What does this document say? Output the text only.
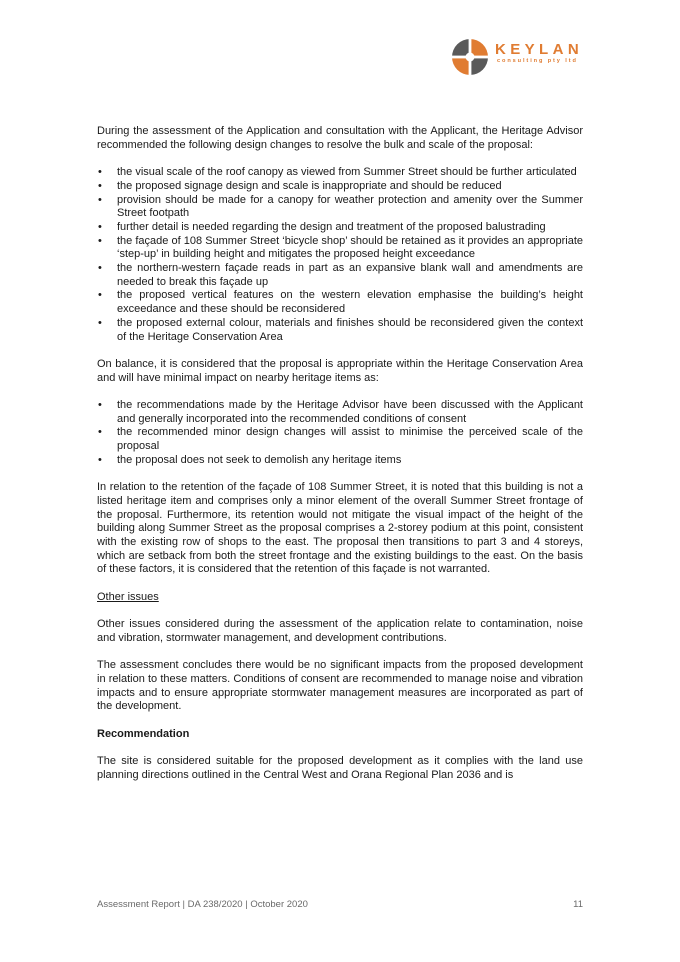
KEYLAN
consulting pty ltd

During the assessment of the Application and consultation with the Applicant, the Heritage Advisor recommended the following design changes to resolve the bulk and scale of the proposal:

• the visual scale of the roof canopy as viewed from Summer Street should be further articulated
• the proposed signage design and scale is inappropriate and should be reduced
• provision should be made for a canopy for weather protection and amenity over the Summer Street footpath
• further detail is needed regarding the design and treatment of the proposed balustrading
• the façade of 108 Summer Street ‘bicycle shop’ should be retained as it provides an appropriate ‘step-up’ in building height and mitigates the proposed height exceedance
• the northern-western façade reads in part as an expansive blank wall and amendments are needed to break this façade up
• the proposed vertical features on the western elevation emphasise the building’s height exceedance and these should be reconsidered
• the proposed external colour, materials and finishes should be reconsidered given the context of the Heritage Conservation Area

On balance, it is considered that the proposal is appropriate within the Heritage Conservation Area and will have minimal impact on nearby heritage items as:

• the recommendations made by the Heritage Advisor have been discussed with the Applicant and generally incorporated into the recommended conditions of consent
• the recommended minor design changes will assist to minimise the perceived scale of the proposal
• the proposal does not seek to demolish any heritage items

In relation to the retention of the façade of 108 Summer Street, it is noted that this building is not a listed heritage item and comprises only a minor element of the overall Summer Street frontage of the proposal. Furthermore, its retention would not mitigate the visual impact of the height of the building along Summer Street as the proposal comprises a 2-storey podium at this point, consistent with the existing row of shops to the east. The proposal then transitions to part 3 and 4 storeys, which are setback from both the street frontage and the existing buildings to the east. On the basis of these factors, it is considered that the retention of this façade is not warranted.

Other issues

Other issues considered during the assessment of the application relate to contamination, noise and vibration, stormwater management, and development contributions.

The assessment concludes there would be no significant impacts from the proposed development in relation to these matters. Conditions of consent are recommended to manage noise and vibration impacts and to ensure appropriate stormwater management measures are incorporated as part of the development.

Recommendation

The site is considered suitable for the proposed development as it complies with the land use planning directions outlined in the Central West and Orana Regional Plan 2036 and is

Assessment Report | DA 238/2020 | October 2020	11
